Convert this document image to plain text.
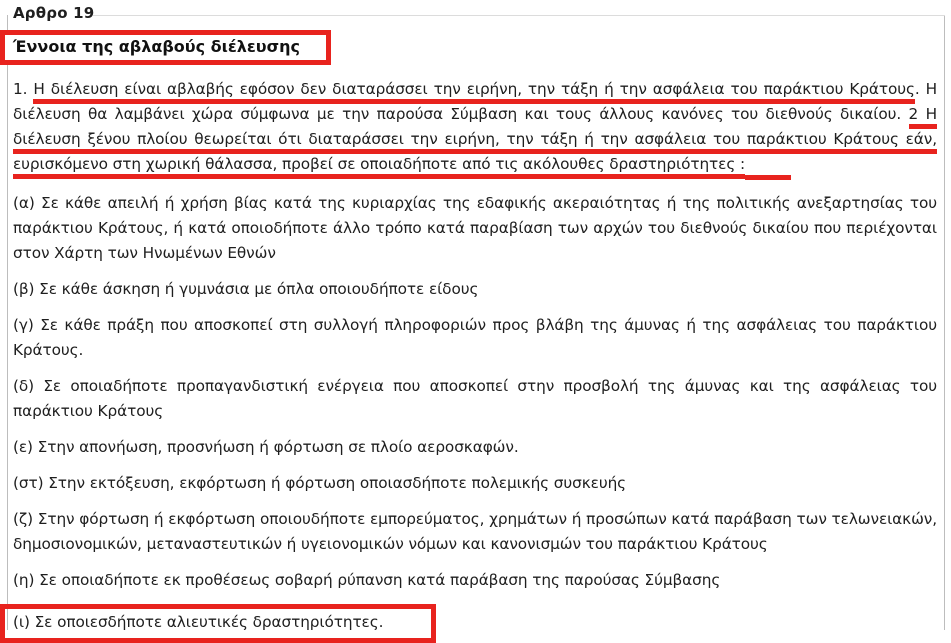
Αρθρο 19
Έννοια της αβλαβούς διέλευσης

1. Η διέλευση είναι αβλαβής εφόσον δεν διαταράσσει την ειρήνη, την τάξη ή την ασφάλεια του παράκτιου Κράτους. Η διέλευση θα λαμβάνει χώρα σύμφωνα με την παρούσα Σύμβαση και τους άλλους κανόνες του διεθνούς δικαίου. 2 Η διέλευση ξένου πλοίου θεωρείται ότι διαταράσσει την ειρήνη, την τάξη ή την ασφάλεια του παράκτιου Κράτους εάν, ευρισκόμενο στη χωρική θάλασσα, προβεί σε οποιαδήποτε από τις ακόλουθες δραστηριότητες :

(α) Σε κάθε απειλή ή χρήση βίας κατά της κυριαρχίας της εδαφικής ακεραιότητας ή της πολιτικής ανεξαρτησίας του παράκτιου Κράτους, ή κατά οποιοδήποτε άλλο τρόπο κατά παραβίαση των αρχών του διεθνούς δικαίου που περιέχονται στον Χάρτη των Ηνωμένων Εθνών

(β) Σε κάθε άσκηση ή γυμνάσια με όπλα οποιουδήποτε είδους

(γ) Σε κάθε πράξη που αποσκοπεί στη συλλογή πληροφοριών προς βλάβη της άμυνας ή της ασφάλειας του παράκτιου Κράτους.

(δ) Σε οποιαδήποτε προπαγανδιστική ενέργεια που αποσκοπεί στην προσβολή της άμυνας και της ασφάλειας του παράκτιου Κράτους

(ε) Στην απονήωση, προσνήωση ή φόρτωση σε πλοίο αεροσκαφών.

(στ) Στην εκτόξευση, εκφόρτωση ή φόρτωση οποιασδήποτε πολεμικής συσκευής

(ζ) Στην φόρτωση ή εκφόρτωση οποιουδήποτε εμπορεύματος, χρημάτων ή προσώπων κατά παράβαση των τελωνειακών, δημοσιονομικών, μεταναστευτικών ή υγειονομικών νόμων και κανονισμών του παράκτιου Κράτους

(η) Σε οποιαδήποτε εκ προθέσεως σοβαρή ρύπανση κατά παράβαση της παρούσας Σύμβασης

(ι) Σε οποιεσδήποτε αλιευτικές δραστηριότητες.
